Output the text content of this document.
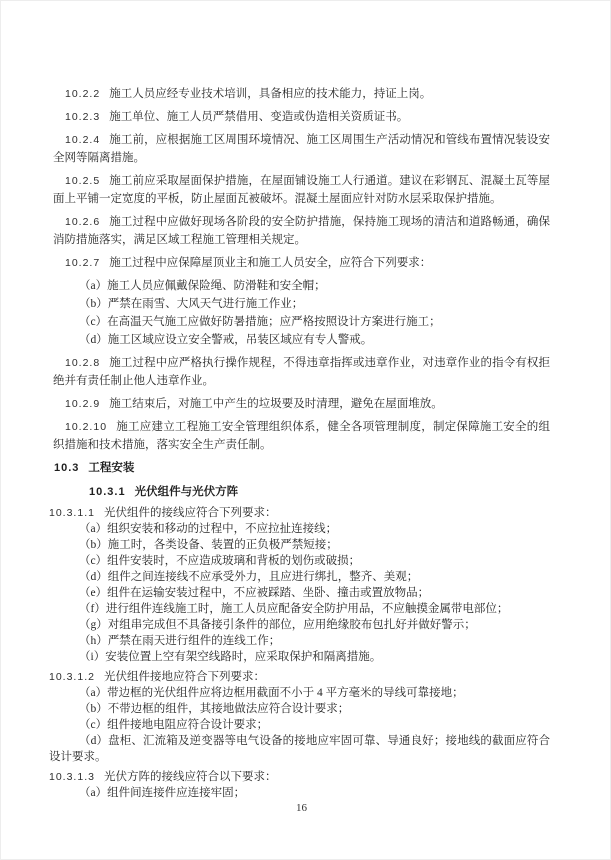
10.2.2 施工人员应经专业技术培训，具备相应的技术能力，持证上岗。

10.2.3 施工单位、施工人员严禁借用、变造或伪造相关资质证书。

10.2.4 施工前，应根据施工区周围环境情况、施工区周围生产活动情况和管线布置情况装设安全网等隔离措施。

10.2.5 施工前应采取屋面保护措施，在屋面铺设施工人行通道。建议在彩钢瓦、混凝土瓦等屋面上平铺一定宽度的平板，防止屋面瓦被破坏。混凝土屋面应针对防水层采取保护措施。

10.2.6 施工过程中应做好现场各阶段的安全防护措施，保持施工现场的清洁和道路畅通，确保消防措施落实，满足区域工程施工管理相关规定。

10.2.7 施工过程中应保障屋顶业主和施工人员安全，应符合下列要求：

（a）施工人员应佩戴保险绳、防滑鞋和安全帽；

（b）严禁在雨雪、大风天气进行施工作业；

（c）在高温天气施工应做好防暑措施；应严格按照设计方案进行施工；

（d）施工区域应设立安全警戒，吊装区域应有专人警戒。

10.2.8 施工过程中应严格执行操作规程，不得违章指挥或违章作业，对违章作业的指令有权拒绝并有责任制止他人违章作业。

10.2.9 施工结束后，对施工中产生的垃圾要及时清理，避免在屋面堆放。

10.2.10 施工应建立工程施工安全管理组织体系，健全各项管理制度，制定保障施工安全的组织措施和技术措施，落实安全生产责任制。

10.3 工程安装

10.3.1 光伏组件与光伏方阵

10.3.1.1 光伏组件的接线应符合下列要求：

（a）组织安装和移动的过程中，不应拉扯连接线；

（b）施工时，各类设备、装置的正负极严禁短接；

（c）组件安装时，不应造成玻璃和背板的划伤或破损；

（d）组件之间连接线不应承受外力，且应进行绑扎，整齐、美观；

（e）组件在运输安装过程中，不应被踩踏、坐卧、撞击或置放物品；

（f）进行组件连线施工时，施工人员应配备安全防护用品，不应触摸金属带电部位；

（g）对组串完成但不具备接引条件的部位，应用绝缘胶布包扎好并做好警示；

（h）严禁在雨天进行组件的连线工作；

（i）安装位置上空有架空线路时，应采取保护和隔离措施。

10.3.1.2 光伏组件接地应符合下列要求：

（a）带边框的光伏组件应将边框用截面不小于 4 平方毫米的导线可靠接地；

（b）不带边框的组件，其接地做法应符合设计要求；

（c）组件接地电阻应符合设计要求；

（d）盘柜、汇流箱及逆变器等电气设备的接地应牢固可靠、导通良好；接地线的截面应符合设计要求。

10.3.1.3 光伏方阵的接线应符合以下要求：

（a）组件间连接件应连接牢固；

16
